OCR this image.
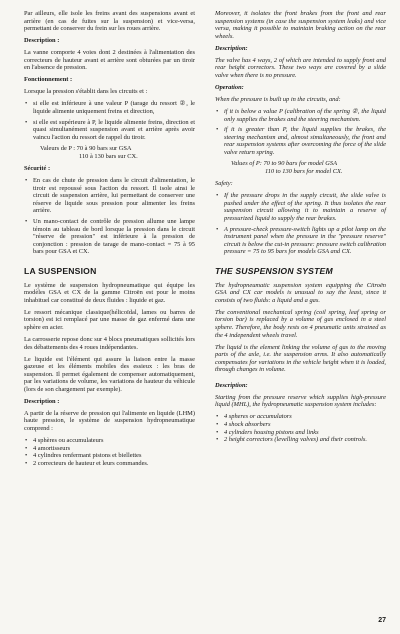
Par ailleurs, elle isole les freins avant des suspensions avant et arrière (en cas de fuites sur la suspension) et vice-versa, permettant de conserver du frein sur les roues arrière.

Description :

La vanne comporte 4 voies dont 2 destinées à l'alimentation des correcteurs de hauteur avant et arrière sont obturées par un tiroir en l'absence de pression.

Fonctionnement :

Lorsque la pression s'établit dans les circuits et :

• si elle est inférieure à une valeur P (tarage du ressort ②, le liquide alimente uniquement freins et direction,
• si elle est supérieure à P, le liquide alimente freins, direction et quasi simultanément suspension avant et arrière après avoir vaincu l'action du ressort de rappel du tiroir.

Valeurs de P : 70 à 90 bars sur GSA

110 à 130 bars sur CX.

Sécurité :

• En cas de chute de pression dans le circuit d'alimentation, le tiroir est repoussé sous l'action du ressort. Il isole ainsi le circuit de suspension arrière, lui permettant de conserver une réserve de liquide sous pression pour alimenter les freins arrière.
• Un mano-contact de contrôle de pression allume une lampe témoin au tableau de bord lorsque la pression dans le circuit "réserve de pression" est inférieure à la pression de conjonction : pression de tarage de mano-contact = 75 à 95 bars pour GSA et CX.
LA SUSPENSION

Le système de suspension hydropneumatique qui équipe les modèles GSA et CX de la gamme Citroën est pour le moins inhabituel car constitué de deux fluides : liquide et gaz.

Le ressort mécanique classique(hélicoïdal, lames ou barres de torsion) est ici remplacé par une masse de gaz enfermé dans une sphère en acier.

La carrosserie repose donc sur 4 blocs pneumatiques sollicités lors des débattements des 4 roues indépendantes.

Le liquide est l'élément qui assure la liaison entre la masse gazeuse et les éléments mobiles des essieux : les bras de suspension. Il permet également de compenser automatiquement, par les variations de volume, les variations de hauteur du véhicule (lors de son chargement par exemple).

Description :

A partir de la réserve de pression qui l'alimente en liquide (LHM) haute pression, le système de suspension hydropneumatique comprend :

• 4 sphères ou accumulateurs
• 4 amortisseurs
• 4 cylindres renfermant pistons et biellettes
• 2 correcteurs de hauteur et leurs commandes.

Moreover, it isolates the front brakes from the front and rear suspension systems (in case the suspension system leaks) and vice versa, making it possible to maintain braking action on the rear wheels.

Description:

The valve has 4 ways, 2 of which are intended to supply front and rear height correctors. These two ways are covered by a slide valve when there is no pressure.

Operation:

When the pressure is built up in the circuits, and:

• if it is below a value P (calibration of the spring ②, the liquid only supplies the brakes and the steering mechanism.
• if it is greater than P, the liquid supplies the brakes, the steering mechanism and, almost simultaneously, the front and rear suspension systems after overcoming the force of the slide valve return spring.

Values of P: 70 to 90 bars for model GSA

110 to 130 bars for model CX.

Safety:

• If the pressure drops in the supply circuit, the slide valve is pushed under the effect of the spring. It thus isolates the rear suspension circuit allowing it to maintain a reserve of pressurized liquid to supply the rear brakes.
• A pressure-check pressure-switch lights up a pilot lamp on the instrument panel when the pressure in the "pressure reserve" circuit is below the cut-in pressure: pressure switch calibration pressure = 75 to 95 bars for models GSA and CX.
THE SUSPENSION SYSTEM

The hydropneumatic suspension system equipping the Citroën GSA and CX car models is unusual to say the least, since it consists of two fluids: a liquid and a gas.

The conventional mechanical spring (coil spring, leaf spring or torsion bar) is replaced by a volume of gas enclosed in a steel sphere. Therefore, the body rests on 4 pneumatic units strained as the 4 independent wheels travel.

The liquid is the element linking the volume of gas to the moving parts of the axle, i.e. the suspension arms. It also automatically compensates for variations in the vehicle height when it is loaded, through changes in volume.

Description:

Starting from the pressure reserve which supplies high-pressure liquid (MHL), the hydropneumatic suspension system includes:

• 4 spheres or accumulators
• 4 shock absorbers
• 4 cylinders housing pistons and links
• 2 height correctors (levelling valves) and their controls.
27
